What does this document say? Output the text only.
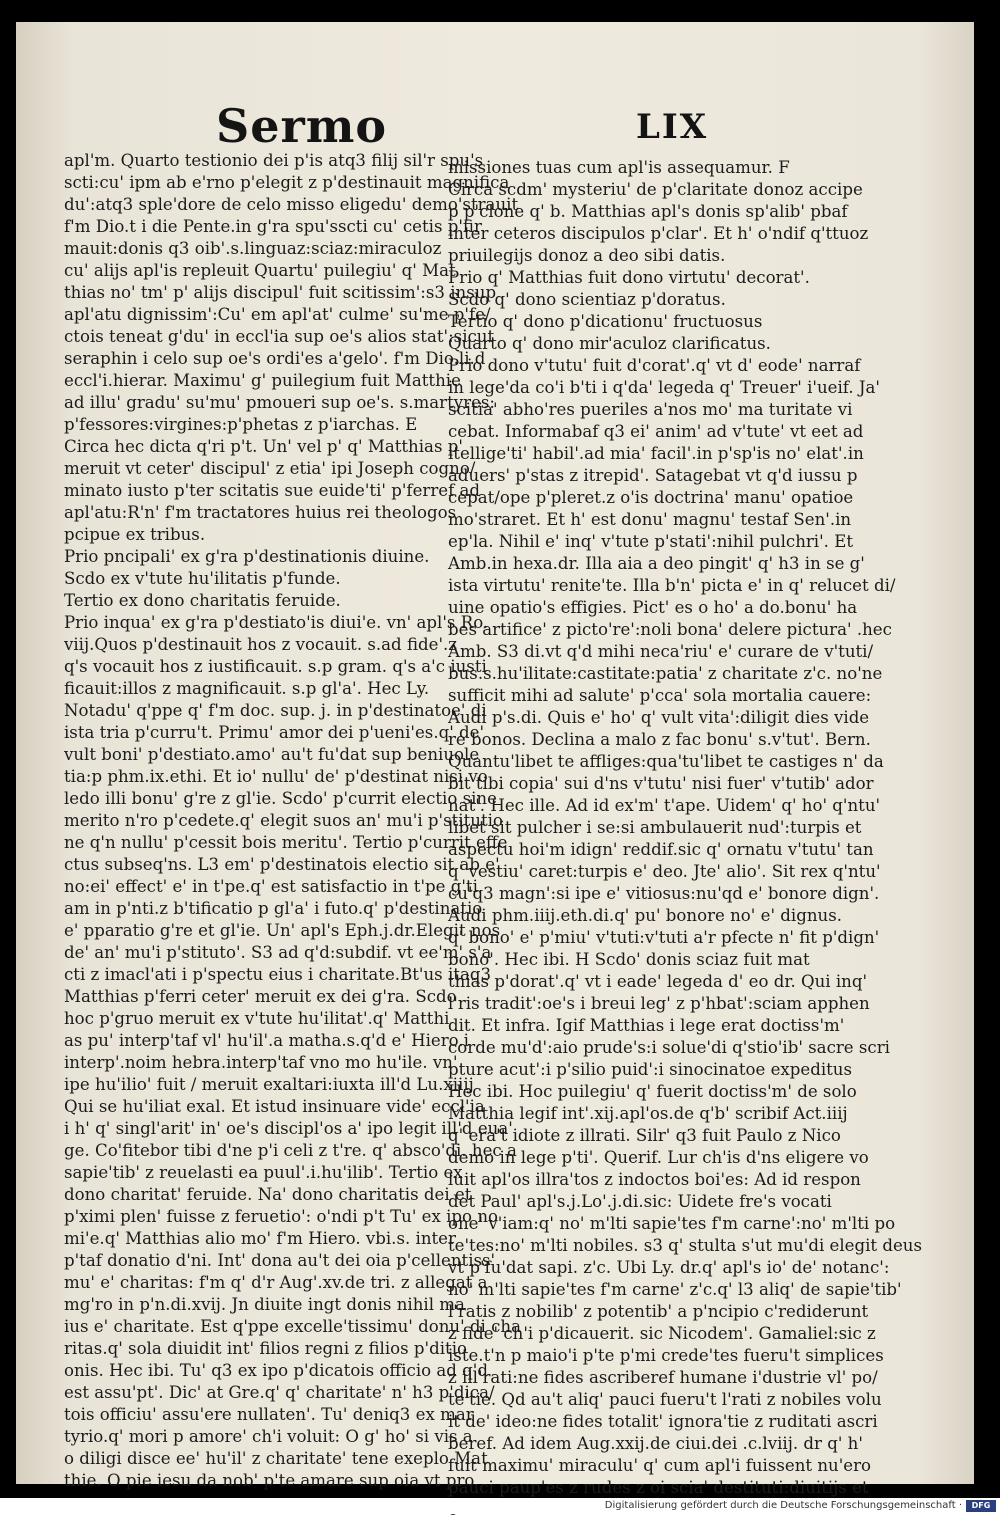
Sermo	LIX
apl'm. Quarto testionio dei p'is atq3 filij sil'r spu's
scti:cu' ipm ab e'rno p'elegit z p'destinauit magnifica
du':atq3 sple'dore de celo misso eligedu' demo'strauit
f'm Dio.t i die Pente.in g'ra spu'sscti cu' cetis p'fir
mauit:donis q3 oib'.s.linguaz:sciaz:miraculoz
cu' alijs apl'is repleuit Quartu' puilegiu' q' Mat
thias no' tm' p' alijs discipul' fuit scitissim':s3 insup
apl'atu dignissim':Cu' em apl'at' culme' su'me p'fe/
ctois teneat g'du' in eccl'ia sup oe's alios stat':sicut
seraphin i celo sup oe's ordi'es a'gelo'. f'm Dio.li.d
eccl'i.hierar. Maximu' g' puilegium fuit Matthie
ad illu' gradu' su'mu' pmoueri sup oe's. s.martyres:
p'fessores:virgines:p'phetas z p'iarchas. E
Circa hec dicta q'ri p't. Un' vel p' q' Matthias p'
meruit vt ceter' discipul' z etia' ipi Joseph cogno/
minato iusto p'ter scitatis sue euide'ti' p'ferref ad
apl'atu:R'n' f'm tractatores huius rei theologos
pcipue ex tribus.
Prio pncipali' ex g'ra p'destinationis diuine.
Scdo ex v'tute hu'ilitatis p'funde.
Tertio ex dono charitatis feruide.
Prio inqua' ex g'ra p'destiato'is diui'e. vn' apl's Ro.
viij.Quos p'destinauit hos z vocauit. s.ad fide'.z
q's vocauit hos z iustificauit. s.p gram. q's a'c iusti
ficauit:illos z magnificauit. s.p gl'a'. Hec Ly.
Notadu' q'ppe q' f'm doc. sup. j. in p'destinatoe' di
ista tria p'curru't. Primu' amor dei p'ueni'es.q' de'
vult boni' p'destiato.amo' au't fu'dat sup beniuole
tia:p phm.ix.ethi. Et io' nullu' de' p'destinat nisi vo
ledo illi bonu' g're z gl'ie. Scdo' p'currit electio sine
merito n'ro p'cedete.q' elegit suos an' mu'i p'stitutio
ne q'n nullu' p'cessit bois meritu'. Tertio p'currit effe
ctus subseq'ns. L3 em' p'destinatois electio sit ab e'
no:ei' effect' e' in t'pe.q' est satisfactio in t'pe g'ti
am in p'nti.z b'tificatio p gl'a' i futo.q' p'destinatio
e' pparatio g're et gl'ie. Un' apl's Eph.j.dr.Elegit nos
de' an' mu'i p'stituto'. S3 ad q'd:subdif. vt ee'm' s'a
cti z imacl'ati i p'spectu eius i charitate.Bt'us itaq3
Matthias p'ferri ceter' meruit ex dei g'ra. Scdo
hoc p'gruo meruit ex v'tute hu'ilitat'.q' Matthi
as pu' interp'taf vl' hu'il'.a matha.s.q'd e' Hiero.i
interp'.noim hebra.interp'taf vno mo hu'ile. vn'
ipe hu'ilio' fuit / meruit exaltari:iuxta ill'd Lu.xiiij
Qui se hu'iliat exal. Et istud insinuare vide' eccl'ia
i h' q' singl'arit' in' oe's discipl'os a' ipo legit ill'd eua'
ge. Co'fitebor tibi d'ne p'i celi z t're. q' absco'di. hec a
sapie'tib' z reuelasti ea puul'.i.hu'ilib'. Tertio ex
dono charitat' feruide. Na' dono charitatis dei et
p'ximi plen' fuisse z feruetio': o'ndi p't Tu' ex ipo no
mi'e.q' Matthias alio mo' f'm Hiero. vbi.s. inter
p'taf donatio d'ni. Int' dona au't dei oia p'cellentiss'
mu' e' charitas: f'm q' d'r Aug'.xv.de tri. z allegat a
mg'ro in p'n.di.xvij. Jn diuite ingt donis nihil ma
ius e' charitate. Est q'ppe excelle'tissimu' donu' di cha
ritas.q' sola diuidit int' filios regni z filios p'ditio
onis. Hec ibi. Tu' q3 ex ipo p'dicatois officio ad q'd
est assu'pt'. Dic' at Gre.q' q' charitate' n' h3 p'dica/
tois officiu' assu'ere nullaten'. Tu' deniq3 ex mar
tyrio.q' mori p amore' ch'i voluit: O g' ho' si vis a
o diligi disce ee' hu'il' z charitate' tene exeplo Mat
thie. O pie iesu da nob' p'te amare sup oia vt pro
missiones tuas cum apl'is assequamur. F
Circa scdm' mysteriu' de p'claritate donoz accipe
p p'clone q' b. Matthias apl's donis sp'alib' pbaf
inter ceteros discipulos p'clar'. Et h' o'ndif q'ttuoz
priuilegijs donoz a deo sibi datis.
Prio q' Matthias fuit dono virtutu' decorat'.
Scdo q' dono scientiaz p'doratus.
Tertio q' dono p'dicationu' fructuosus
Quarto q' dono mir'aculoz clarificatus.
Prio dono v'tutu' fuit d'corat'.q' vt d' eode' narraf
in lege'da co'i b'ti i q'da' legeda q' Treuer' i'ueif. Ja'
scitia' abho'res pueriles a'nos mo' ma turitate vi
cebat. Informabaf q3 ei' anim' ad v'tute' vt eet ad
itellige'ti' habil'.ad mia' facil'.in p'sp'is no' elat'.in
aduers' p'stas z itrepid'. Satagebat vt q'd iussu p
cepat/ope p'pleret.z o'is doctrina' manu' opatioe
mo'straret. Et h' est donu' magnu' testaf Sen'.in
ep'la. Nihil e' inq' v'tute p'stati':nihil pulchri'. Et
Amb.in hexa.dr. Illa aia a deo pingit' q' h3 in se g'
ista virtutu' renite'te. Illa b'n' picta e' in q' relucet di/
uine opatio's effigies. Pict' es o ho' a do.bonu' ha
bes artifice' z picto're':noli bona' delere pictura' .hec
Amb. S3 di.vt q'd mihi neca'riu' e' curare de v'tuti/
bus.s.hu'ilitate:castitate:patia' z charitate z'c. no'ne
sufficit mihi ad salute' p'cca' sola mortalia cauere:
Audi p's.di. Quis e' ho' q' vult vita':diligit dies vide
re bonos. Declina a malo z fac bonu' s.v'tut'. Bern.
Quantu'libet te affliges:qua'tu'libet te castiges n' da
bit tibi copia' sui d'ns v'tutu' nisi fuer' v'tutib' ador
nat'. Hec ille. Ad id ex'm' t'ape. Uidem' q' ho' q'ntu'
libet sit pulcher i se:si ambulauerit nud':turpis et
aspectu hoi'm idign' reddif.sic q' ornatu v'tutu' tan
q' vestiu' caret:turpis e' deo. Jte' alio'. Sit rex q'ntu'
cu'q3 magn':si ipe e' vitiosus:nu'qd e' bonore dign'.
Audi phm.iiij.eth.di.q' pu' bonore no' e' dignus.
q' bono' e' p'miu' v'tuti:v'tuti a'r pfecte n' fit p'dign'
bono'. Hec ibi. H Scdo' donis sciaz fuit mat
thias p'dorat'.q' vt i eade' legeda d' eo dr. Qui inq'
l'ris tradit':oe's i breui leg' z p'hbat':sciam apphen
dit. Et infra. Igif Matthias i lege erat doctiss'm'
corde mu'd':aio prude's:i solue'di q'stio'ib' sacre scri
pture acut':i p'silio puid':i sinocinatoe expeditus
Hec ibi. Hoc puilegiu' q' fuerit doctiss'm' de solo
Matthia legif int'.xij.apl'os.de q'b' scribif Act.iiij
q' era't idiote z illrati. Silr' q3 fuit Paulo z Nico
demo in lege p'ti'. Querif. Lur ch'is d'ns eligere vo
luit apl'os illra'tos z indoctos boi'es: Ad id respon
det Paul' apl's.j.Lo'.j.di.sic: Uidete fre's vocati
one' v'iam:q' no' m'lti sapie'tes f'm carne':no' m'lti po
te'tes:no' m'lti nobiles. s3 q' stulta s'ut mu'di elegit deus
vt p'fu'dat sapi. z'c. Ubi Ly. dr.q' apl's io' de' notanc':
no' m'lti sapie'tes f'm carne' z'c.q' l3 aliq' de sapie'tib'
l'ratis z nobilib' z potentib' a p'ncipio c'rediderunt
z fide' ch'i p'dicauerit. sic Nicodem'. Gamaliel:sic z
iste.t'n p maio'i p'te p'mi crede'tes fueru't simplices
z ill'rati:ne fides ascriberef humane i'dustrie vl' po/
te'tie. Qd au't aliq' pauci fueru't l'rati z nobiles volu
it de' ideo:ne fides totalit' ignora'tie z ruditati ascri
beref. Ad idem Aug.xxij.de ciui.dei .c.lviij. dr q' h'
fuit maximu' miraculu' q' cum apl'i fuissent nu'ero
pauci paup'es z rudes z oi scia' destituti:diuitijs et
Digitalisierung gefördert durch die Deutsche Forschungsgemeinschaft ·	DFG
